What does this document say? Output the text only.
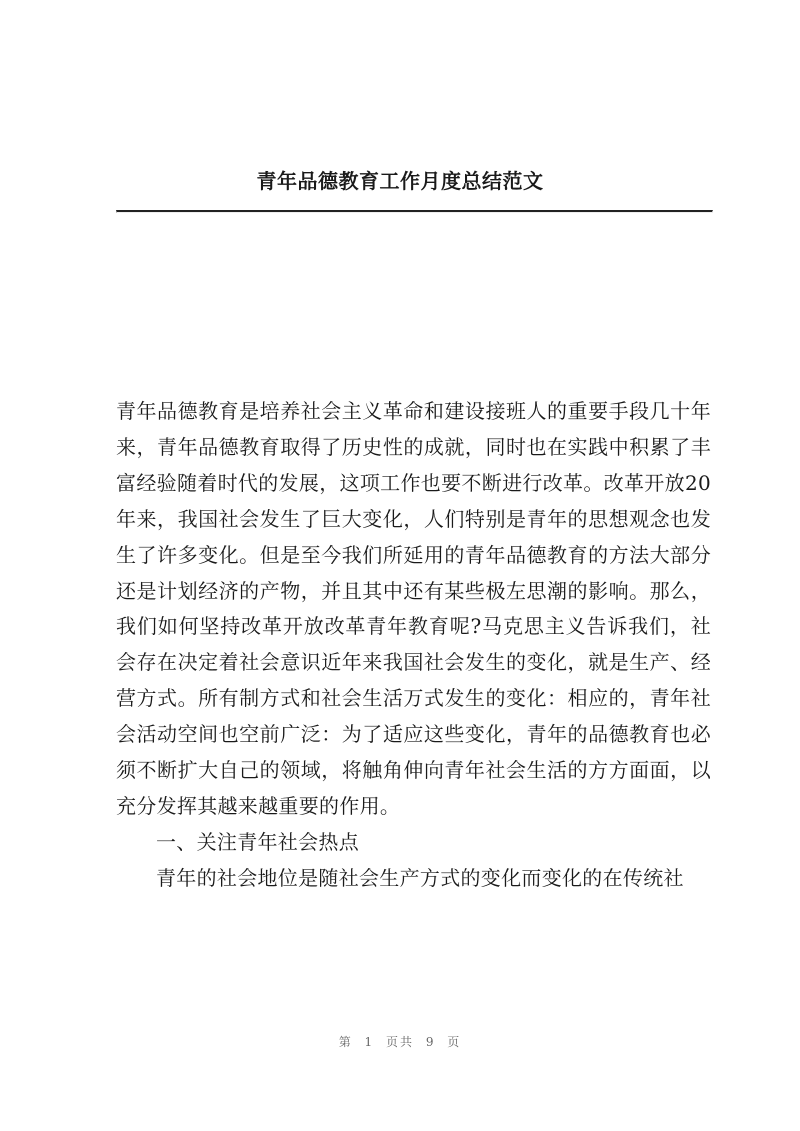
青年品德教育工作月度总结范文

青年品德教育是培养社会主义革命和建设接班人的重要手段几十年来，青年品德教育取得了历史性的成就，同时也在实践中积累了丰富经验随着时代的发展，这项工作也要不断进行改革。改革开放20年来，我国社会发生了巨大变化，人们特别是青年的思想观念也发生了许多变化。但是至今我们所延用的青年品德教育的方法大部分还是计划经济的产物，并且其中还有某些极左思潮的影响。那么，我们如何坚持改革开放改革青年教育呢?马克思主义告诉我们，社会存在决定着社会意识近年来我国社会发生的变化，就是生产、经营方式。所有制方式和社会生活万式发生的变化：相应的，青年社会活动空间也空前广泛：为了适应这些变化，青年的品德教育也必须不断扩大自己的领域，将触角伸向青年社会生活的方方面面，以充分发挥其越来越重要的作用。

一、关注青年社会热点

青年的社会地位是随社会生产方式的变化而变化的在传统社

第 1 页共 9 页
